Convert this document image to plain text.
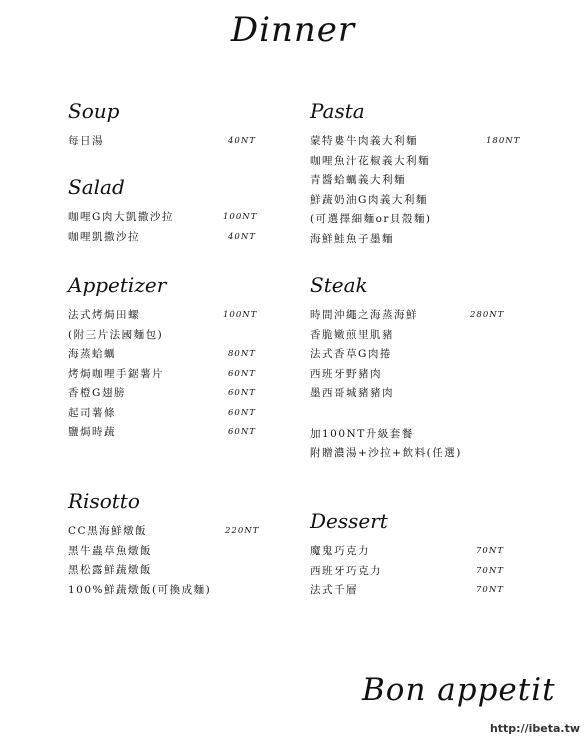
Dinner
Soup
每日湯	40NT
Salad
咖哩G肉大凱撒沙拉	100NT
咖哩凱撒沙拉	40NT
Appetizer
法式烤焗田螺	100NT
(附三片法國麵包)
海蒸蛤蠣	80NT
烤焗咖哩手鋸薯片	60NT
香橙G翅膀	60NT
起司薯條	60NT
鹽焗時蔬	60NT
Risotto
CC黑海鮮燉飯	220NT
黑牛蟲草魚燉飯
黑松露鮮蔬燉飯
100%鮮蔬燉飯(可換成麵)
Pasta
蒙特婁牛肉義大利麵	180NT
咖哩魚汁花椒義大利麵
青醬蛤蠣義大利麵
鮮蔬奶油G肉義大利麵
(可選擇細麵or貝殼麵)
海鮮鮭魚子墨麵
Steak
時間沖繩之海蒸海鮮	280NT
香脆嫩煎里肌豬
法式香草G肉捲
西班牙野豬肉
墨西哥城豬豬肉
加100NT升級套餐
附贈濃湯+沙拉+飲料(任選)
Dessert
魔鬼巧克力	70NT
西班牙巧克力	70NT
法式千層	70NT
Bon appetit
http://ibeta.tw
